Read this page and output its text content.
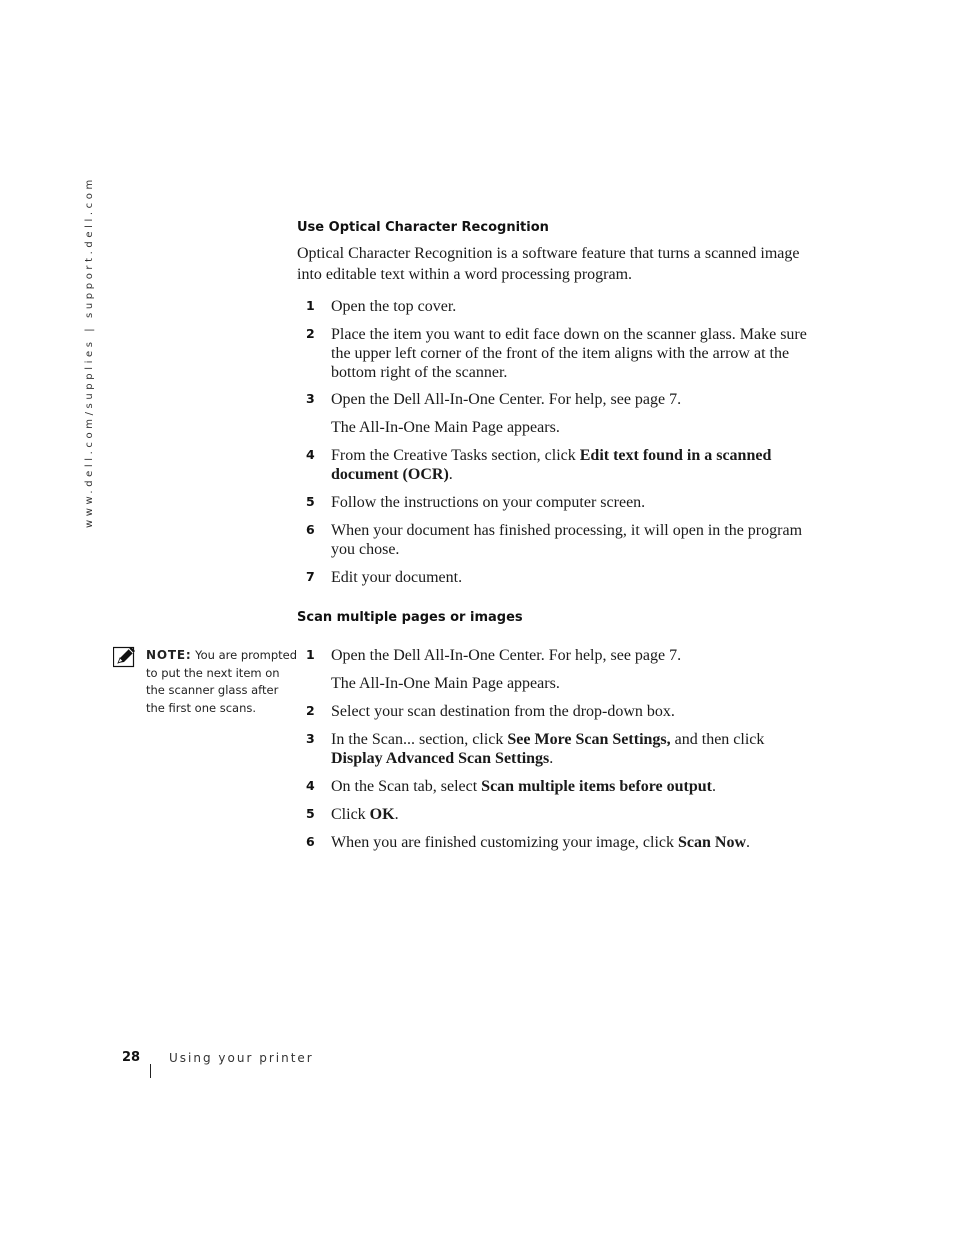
www.dell.com/supplies | support.dell.com	Use Optical Character Recognition
Optical Character Recognition is a software feature that turns a scanned image into editable text within a word processing program.
1 Open the top cover.
2 Place the item you want to edit face down on the scanner glass. Make sure the upper left corner of the front of the item aligns with the arrow at the bottom right of the scanner.
3 Open the Dell All-In-One Center. For help, see page 7.
The All-In-One Main Page appears.
4 From the Creative Tasks section, click Edit text found in a scanned document (OCR).
5 Follow the instructions on your computer screen.
6 When your document has finished processing, it will open in the program you chose.
7 Edit your document.
Scan multiple pages or images
NOTE: You are prompted to put the next item on the scanner glass after the first one scans.
1 Open the Dell All-In-One Center. For help, see page 7.
The All-In-One Main Page appears.
2 Select your scan destination from the drop-down box.
3 In the Scan... section, click See More Scan Settings, and then click Display Advanced Scan Settings.
4 On the Scan tab, select Scan multiple items before output.
5 Click OK.
6 When you are finished customizing your image, click Scan Now.
28 Using your printer
